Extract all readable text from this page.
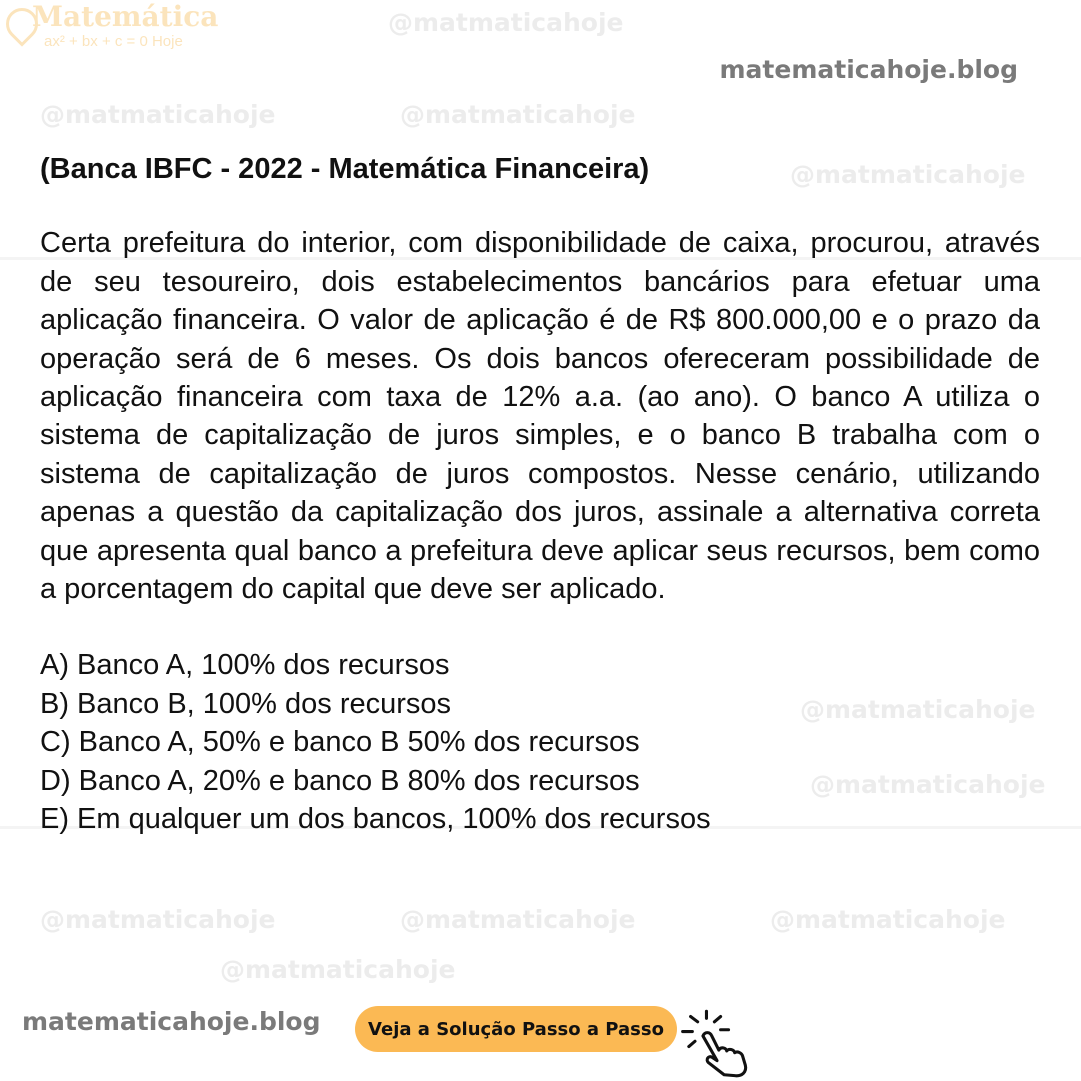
@matmaticahoje
@matmaticahoje	@matmaticahoje
@matmaticahoje
@matmaticahoje
@matmaticahoje
@matmaticahoje	@matmaticahoje	@matmaticahoje
@matmaticahoje
Matemática
ax² + bx + c = 0 Hoje
matematicahoje.blog

(Banca IBFC - 2022 - Matemática Financeira)

Certa prefeitura do interior, com disponibilidade de caixa, procurou, através de seu tesoureiro, dois estabelecimentos bancários para efetuar uma aplicação financeira. O valor de aplicação é de R$ 800.000,00 e o prazo da operação será de 6 meses. Os dois bancos ofereceram possibilidade de aplicação financeira com taxa de 12% a.a. (ao ano). O banco A utiliza o sistema de capitalização de juros simples, e o banco B trabalha com o sistema de capitalização de juros compostos. Nesse cenário, utilizando apenas a questão da capitalização dos juros, assinale a alternativa correta que apresenta qual banco a prefeitura deve aplicar seus recursos, bem como a porcentagem do capital que deve ser aplicado.

A) Banco A, 100% dos recursos

B) Banco B, 100% dos recursos

C) Banco A, 50% e banco B 50% dos recursos

D) Banco A, 20% e banco B 80% dos recursos

E) Em qualquer um dos bancos, 100% dos recursos

matematicahoje.blog	Veja a Solução Passo a Passo
